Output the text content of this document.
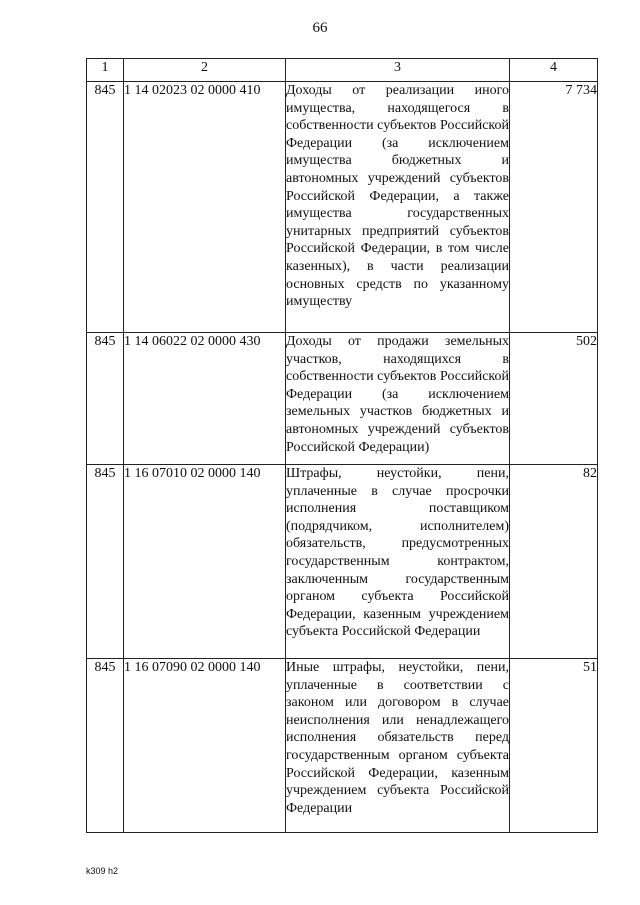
66
1	2	3	4
845	1 14 02023 02 0000 410	Доходы от реализации иного имущества, находящегося в собственности субъектов Российской Федерации (за исключением имущества бюджетных и автономных учреждений субъектов Российской Федерации, а также имущества государственных унитарных предприятий субъектов Российской Федерации, в том числе казенных), в части реализации основных средств по указанному имуществу	7 734
845	1 14 06022 02 0000 430	Доходы от продажи земельных участков, находящихся в собственности субъектов Российской Федерации (за исключением земельных участков бюджетных и автономных учреждений субъектов Российской Федерации)	502
845	1 16 07010 02 0000 140	Штрафы, неустойки, пени, уплаченные в случае просрочки исполнения поставщиком (подрядчиком, исполнителем) обязательств, предусмотренных государственным контрактом, заключенным государственным органом субъекта Российской Федерации, казенным учреждением субъекта Российской Федерации	82
845	1 16 07090 02 0000 140	Иные штрафы, неустойки, пени, уплаченные в соответствии с законом или договором в случае неисполнения или ненадлежащего исполнения обязательств перед государственным органом субъекта Российской Федерации, казенным учреждением субъекта Российской Федерации	51
k309 h2
